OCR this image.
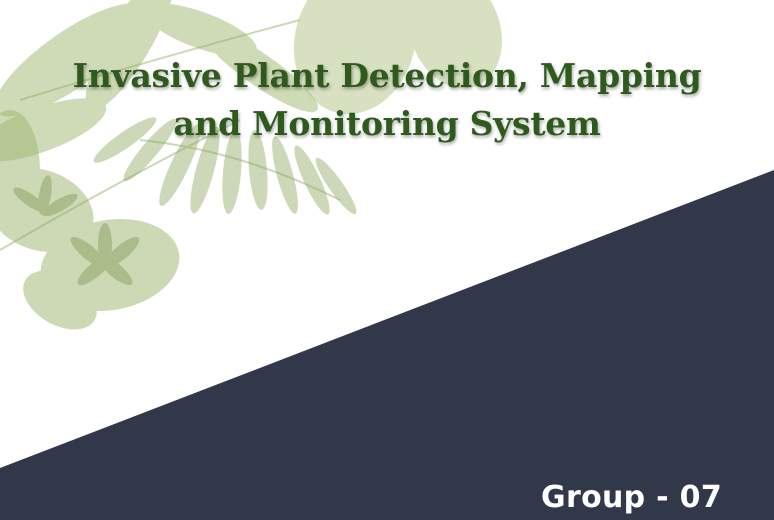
Invasive Plant Detection, Mapping
and Monitoring System
Group - 07
